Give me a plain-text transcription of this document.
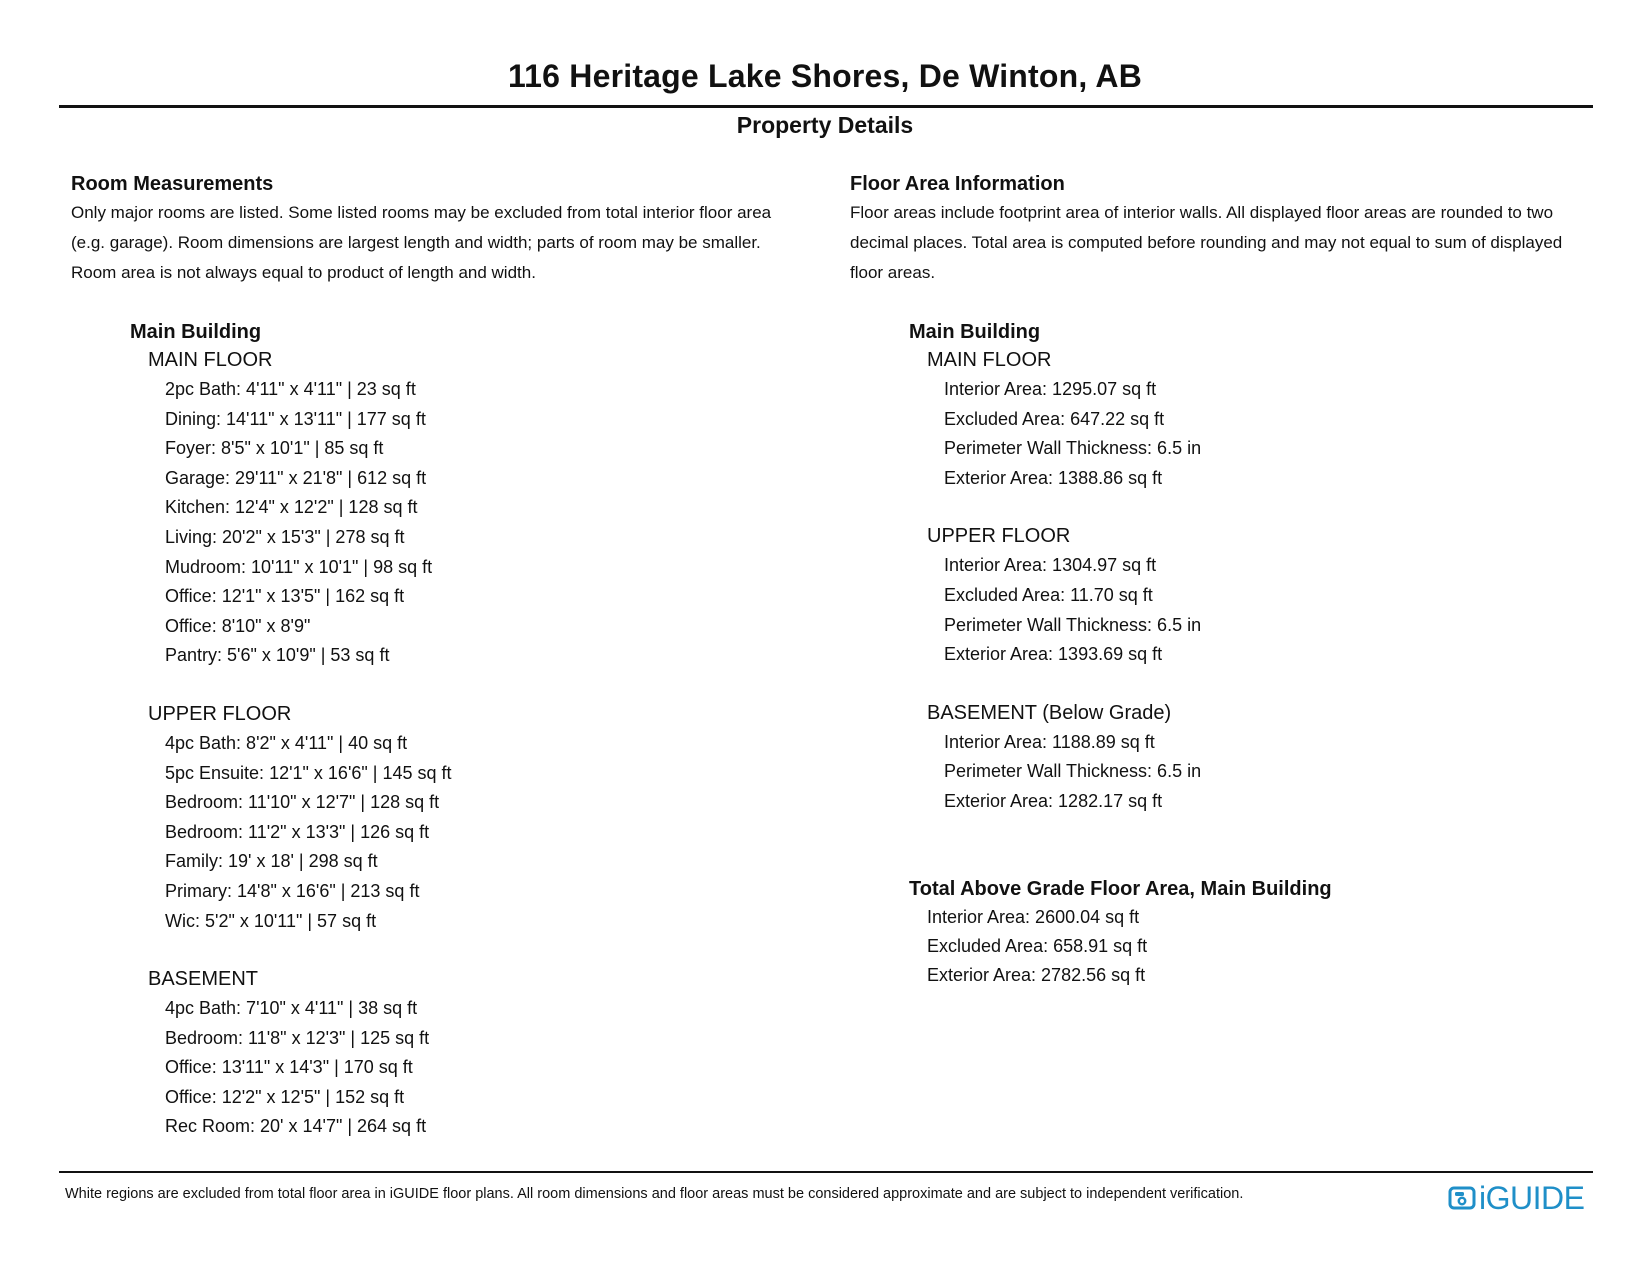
116 Heritage Lake Shores, De Winton, AB
Property Details
Room Measurements
Only major rooms are listed. Some listed rooms may be excluded from total interior floor area
(e.g. garage). Room dimensions are largest length and width; parts of room may be smaller.
Room area is not always equal to product of length and width.
Main Building
MAIN FLOOR
2pc Bath: 4'11" x 4'11" | 23 sq ft
Dining: 14'11" x 13'11" | 177 sq ft
Foyer: 8'5" x 10'1" | 85 sq ft
Garage: 29'11" x 21'8" | 612 sq ft
Kitchen: 12'4" x 12'2" | 128 sq ft
Living: 20'2" x 15'3" | 278 sq ft
Mudroom: 10'11" x 10'1" | 98 sq ft
Office: 12'1" x 13'5" | 162 sq ft
Office: 8'10" x 8'9"
Pantry: 5'6" x 10'9" | 53 sq ft
UPPER FLOOR
4pc Bath: 8'2" x 4'11" | 40 sq ft
5pc Ensuite: 12'1" x 16'6" | 145 sq ft
Bedroom: 11'10" x 12'7" | 128 sq ft
Bedroom: 11'2" x 13'3" | 126 sq ft
Family: 19' x 18' | 298 sq ft
Primary: 14'8" x 16'6" | 213 sq ft
Wic: 5'2" x 10'11" | 57 sq ft
BASEMENT
4pc Bath: 7'10" x 4'11" | 38 sq ft
Bedroom: 11'8" x 12'3" | 125 sq ft
Office: 13'11" x 14'3" | 170 sq ft
Office: 12'2" x 12'5" | 152 sq ft
Rec Room: 20' x 14'7" | 264 sq ft
Floor Area Information
Floor areas include footprint area of interior walls. All displayed floor areas are rounded to two
decimal places. Total area is computed before rounding and may not equal to sum of displayed
floor areas.
Main Building
MAIN FLOOR
Interior Area: 1295.07 sq ft
Excluded Area: 647.22 sq ft
Perimeter Wall Thickness: 6.5 in
Exterior Area: 1388.86 sq ft
UPPER FLOOR
Interior Area: 1304.97 sq ft
Excluded Area: 11.70 sq ft
Perimeter Wall Thickness: 6.5 in
Exterior Area: 1393.69 sq ft
BASEMENT (Below Grade)
Interior Area: 1188.89 sq ft
Perimeter Wall Thickness: 6.5 in
Exterior Area: 1282.17 sq ft
Total Above Grade Floor Area, Main Building
Interior Area: 2600.04 sq ft
Excluded Area: 658.91 sq ft
Exterior Area: 2782.56 sq ft
White regions are excluded from total floor area in iGUIDE floor plans. All room dimensions and floor areas must be considered approximate and are subject to independent verification.	iGUIDE
